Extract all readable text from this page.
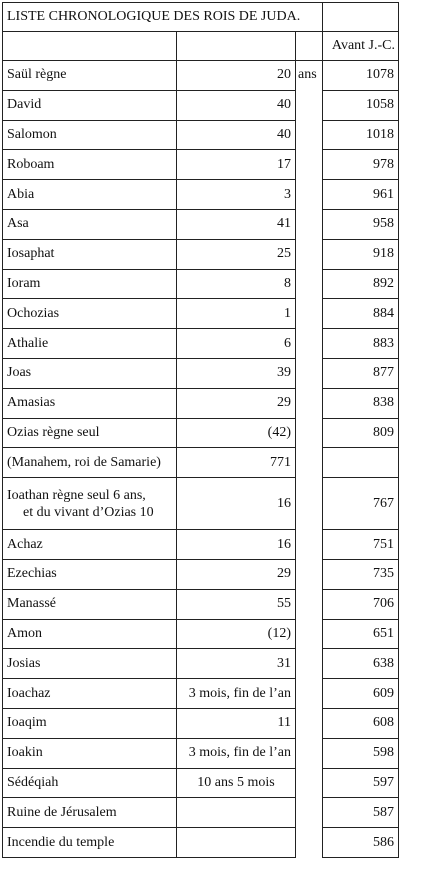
LISTE CHRONOLOGIQUE DES ROIS DE JUDA.			
			Avant J.-C.
Saül règne	20	ans	1078
David	40		1058
Salomon	40		1018
Roboam	17		978
Abia	3		961
Asa	41		958
Iosaphat	25		918
Ioram	8		892
Ochozias	1		884
Athalie	6		883
Joas	39		877
Amasias	29		838
Ozias règne seul	(42)		809
(Manahem, roi de Samarie)	771		

Ioathan règne seul 6 ans,
et du vivant d’Ozias 10	16		767
Achaz	16		751
Ezechias	29		735
Manassé	55		706
Amon	(12)		651
Josias	31		638
Ioachaz	3 mois, fin de l’an		609
Ioaqim	11		608
Ioakin	3 mois, fin de l’an		598
Sédéqiah	10 ans 5 mois		597
Ruine de Jérusalem			587
Incendie du temple			586
